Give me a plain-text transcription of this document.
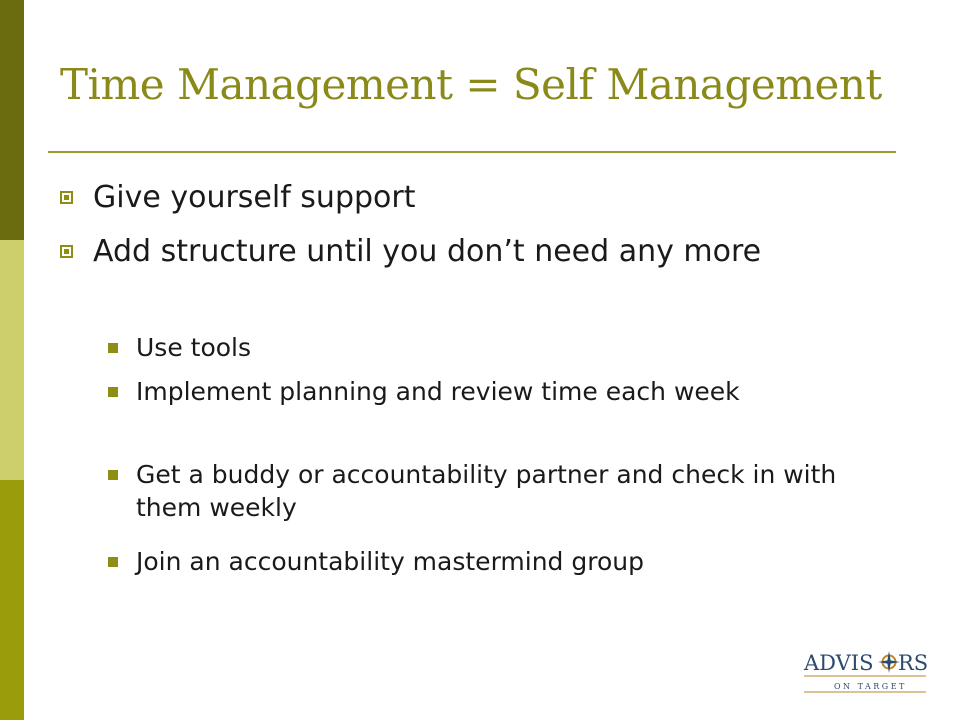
Time Management = Self Management
Give yourself support
Add structure until you don’t need any more
Use tools
Implement planning and review time each week
Get a buddy or accountability partner and check in with them weekly
Join an accountability mastermind group
ADVIS RS
ON TARGET
